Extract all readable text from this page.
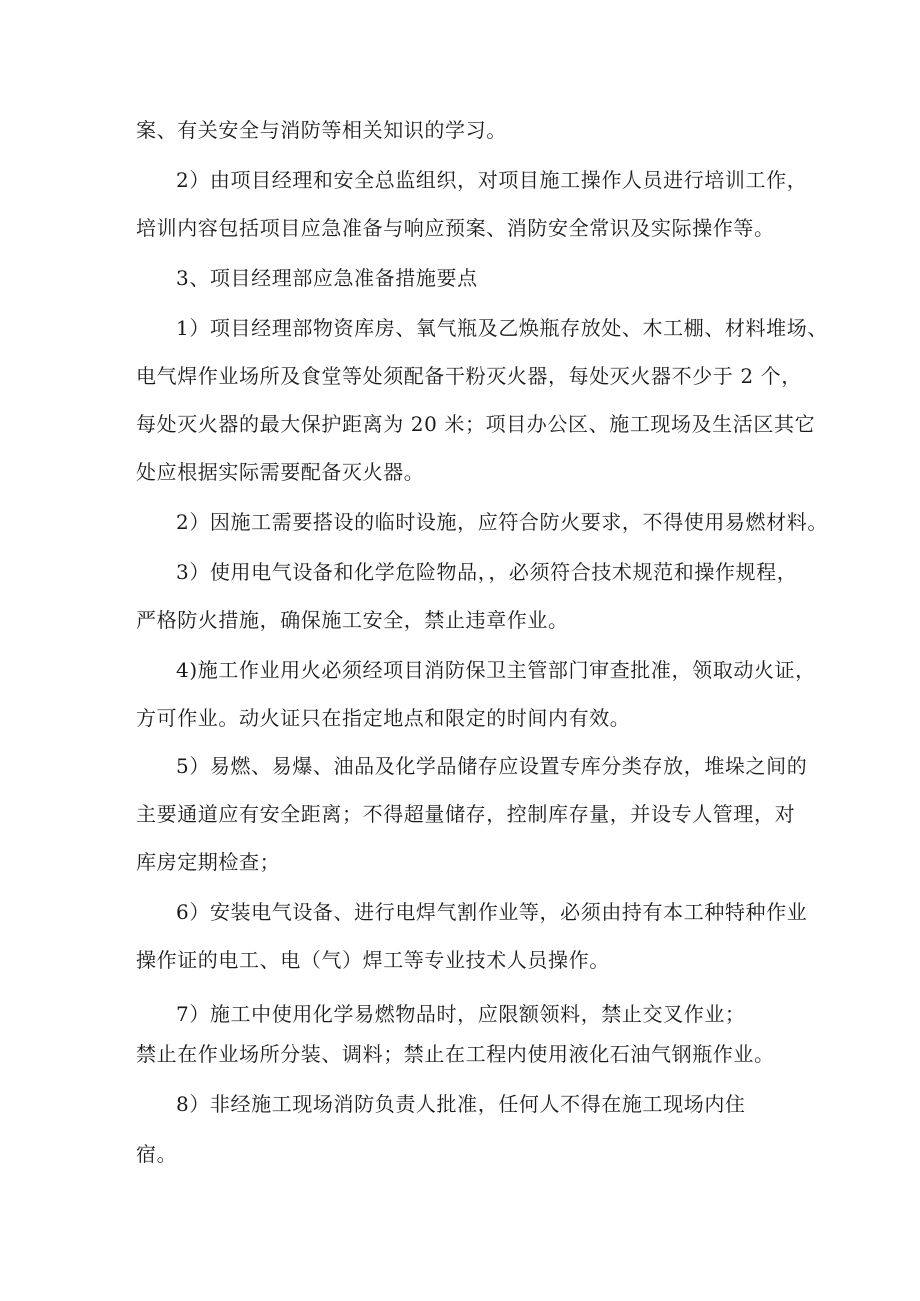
案、有关安全与消防等相关知识的学习。
2）由项目经理和安全总监组织，对项目施工操作人员进行培训工作，
培训内容包括项目应急准备与响应预案、消防安全常识及实际操作等。
3、项目经理部应急准备措施要点
1）项目经理部物资库房、氧气瓶及乙焕瓶存放处、木工棚、材料堆场、
电气焊作业场所及食堂等处须配备干粉灭火器，每处灭火器不少于 2 个，
每处灭火器的最大保护距离为 20 米；项目办公区、施工现场及生活区其它
处应根据实际需要配备灭火器。
2）因施工需要搭设的临时设施，应符合防火要求，不得使用易燃材料。
3）使用电气设备和化学危险物品，，必须符合技术规范和操作规程，
严格防火措施，确保施工安全，禁止违章作业。
4)施工作业用火必须经项目消防保卫主管部门审查批准，领取动火证，
方可作业。动火证只在指定地点和限定的时间内有效。
5）易燃、易爆、油品及化学品储存应设置专库分类存放，堆垛之间的
主要通道应有安全距离；不得超量储存，控制库存量，并设专人管理，对
库房定期检查；
6）安装电气设备、进行电焊气割作业等，必须由持有本工种特种作业
操作证的电工、电（气）焊工等专业技术人员操作。
7）施工中使用化学易燃物品时，应限额领料，禁止交叉作业；
禁止在作业场所分装、调料；禁止在工程内使用液化石油气钢瓶作业。
8）非经施工现场消防负责人批准，任何人不得在施工现场内住
宿。
